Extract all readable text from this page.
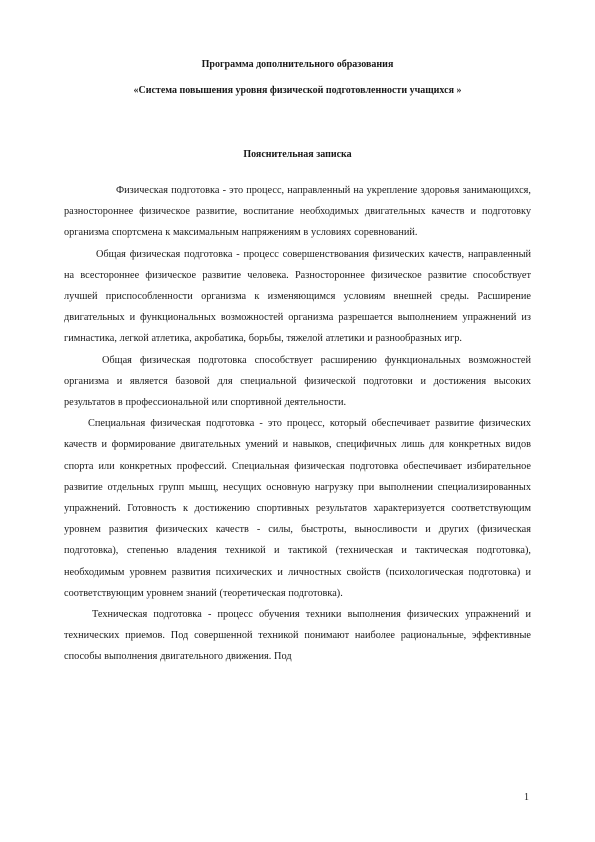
Программа дополнительного образования

«Система повышения уровня физической подготовленности учащихся »

Пояснительная записка

Физическая подготовка - это процесс, направленный на укрепление здоровья занимающихся, разностороннее физическое развитие, воспитание необходимых двигательных качеств и подготовку организма спортсмена к максимальным напряжениям в условиях соревнований.

Общая физическая подготовка - процесс совершенствования физических качеств, направленный на всестороннее физическое развитие человека. Разностороннее физическое развитие способствует лучшей приспособленности организма к изменяющимся условиям внешней среды. Расширение двигательных и функциональных возможностей организма разрешается выполнением упражнений из гимнастика, легкой атлетика, акробатика, борьбы, тяжелой атлетики и разнообразных игр.

Общая физическая подготовка способствует расширению функциональных возможностей организма и является базовой для специальной физической подготовки и достижения высоких результатов в профессиональной или спортивной деятельности.

Специальная физическая подготовка - это процесс, который обеспечивает развитие физических качеств и формирование двигательных умений и навыков, специфичных лишь для конкретных видов спорта или конкретных профессий. Специальная физическая подготовка обеспечивает избирательное развитие отдельных групп мышц, несущих основную нагрузку при выполнении специализированных упражнений. Готовность к достижению спортивных результатов характеризуется соответствующим уровнем развития физических качеств - силы, быстроты, выносливости и других (физическая подготовка), степенью владения техникой и тактикой (техническая и тактическая подготовка), необходимым уровнем развития психических и личностных свойств (психологическая подготовка) и соответствующим уровнем знаний (теоретическая подготовка).

Техническая подготовка - процесс обучения техники выполнения физических упражнений и технических приемов. Под совершенной техникой понимают наиболее рациональные, эффективные способы выполнения двигательного движения. Под

1
